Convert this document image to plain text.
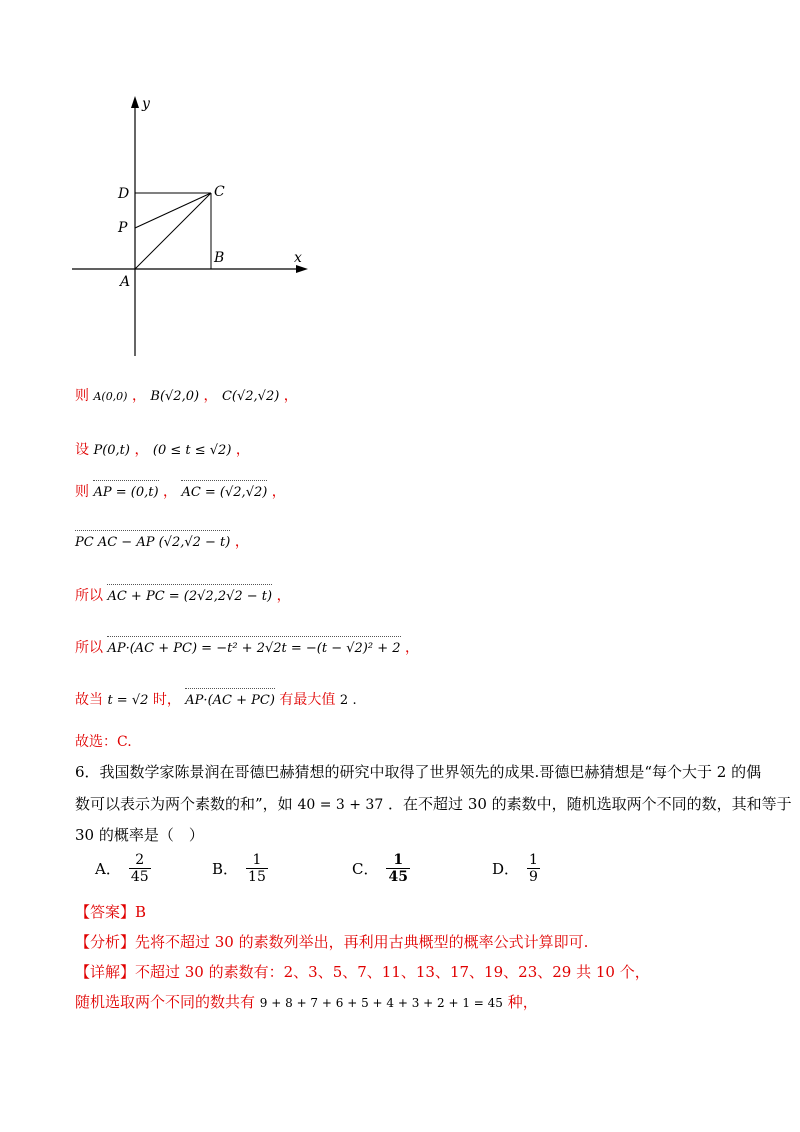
y
x
D	C
P
B
A
则 A(0,0) ， B(√2,0) ， C(√2,√2) ，
设 P(0,t) ， (0 ≤ t ≤ √2) ，
则 AP = (0,t) ， AC = (√2,√2) ，
PC AC − AP (√2,√2 − t) ，
所以 AC + PC = (2√2,2√2 − t) ，
所以 AP·(AC + PC) = −t² + 2√2t = −(t − √2)² + 2 ，
故当 t = √2 时， AP·(AC + PC) 有最大值 2 .
故选：C.
6．我国数学家陈景润在哥德巴赫猜想的研究中取得了世界领先的成果.哥德巴赫猜想是“每个大于 2 的偶
数可以表示为两个素数的和”，如 40 = 3 + 37 ．在不超过 30 的素数中，随机选取两个不同的数，其和等于
30 的概率是（　）
A． $\frac{2}{45}$	B． $\frac{1}{15}$	C． $\frac{1}{45}$	D． $\frac{1}{9}$
【答案】B
【分析】先将不超过 30 的素数列举出，再利用古典概型的概率公式计算即可.
【详解】不超过 30 的素数有：2、3、5、7、11、13、17、19、23、29 共 10 个，
随机选取两个不同的数共有 9 + 8 + 7 + 6 + 5 + 4 + 3 + 2 + 1 = 45 种，
